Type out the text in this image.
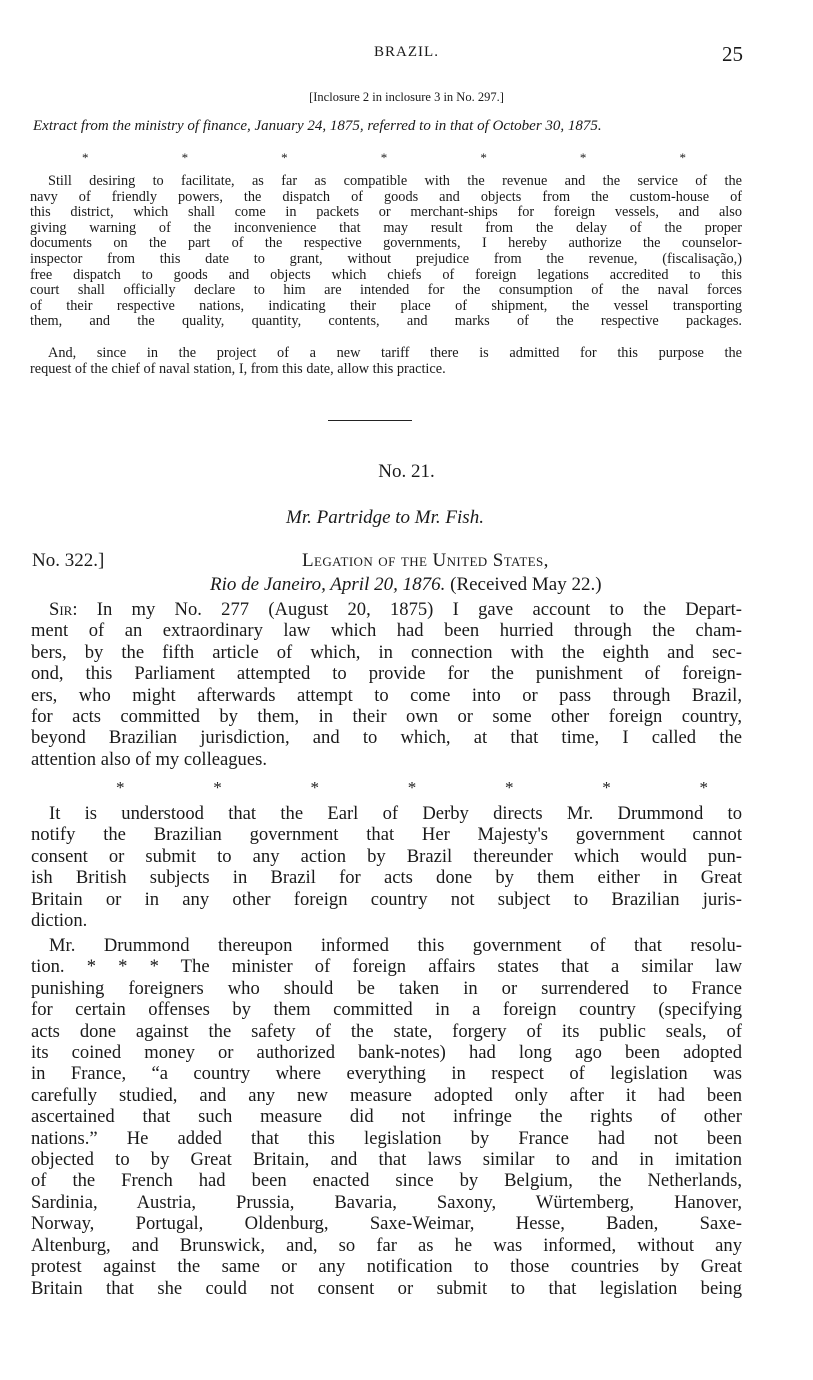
BRAZIL.	25
[Inclosure 2 in inclosure 3 in No. 297.]
Extract from the ministry of finance, January 24, 1875, referred to in that of October 30, 1875.
*	*	*	*	*	*	*
Still desiring to facilitate, as far as compatible with the revenue and the service of the
navy of friendly powers, the dispatch of goods and objects from the custom-house of
this district, which shall come in packets or merchant-ships for foreign vessels, and also
giving warning of the inconvenience that may result from the delay of the proper
documents on the part of the respective governments, I hereby authorize the counselor-
inspector from this date to grant, without prejudice from the revenue, (fiscalisação,)
free dispatch to goods and objects which chiefs of foreign legations accredited to this
court shall officially declare to him are intended for the consumption of the naval forces
of their respective nations, indicating their place of shipment, the vessel transporting
them, and the quality, quantity, contents, and marks of the respective packages.
And, since in the project of a new tariff there is admitted for this purpose the
request of the chief of naval station, I, from this date, allow this practice.
No. 21.
Mr. Partridge to Mr. Fish.
No. 322.]	Legation of the United States,
Rio de Janeiro, April 20, 1876. (Received May 22.)
Sir: In my No. 277 (August 20, 1875) I gave account to the Depart-
ment of an extraordinary law which had been hurried through the cham-
bers, by the fifth article of which, in connection with the eighth and sec-
ond, this Parliament attempted to provide for the punishment of foreign-
ers, who might afterwards attempt to come into or pass through Brazil,
for acts committed by them, in their own or some other foreign country,
beyond Brazilian jurisdiction, and to which, at that time, I called the
attention also of my colleagues.
*	*	*	*	*	*	*
It is understood that the Earl of Derby directs Mr. Drummond to
notify the Brazilian government that Her Majesty's government cannot
consent or submit to any action by Brazil thereunder which would pun-
ish British subjects in Brazil for acts done by them either in Great
Britain or in any other foreign country not subject to Brazilian juris-
diction.
Mr. Drummond thereupon informed this government of that resolu-
tion. * * * The minister of foreign affairs states that a similar law
punishing foreigners who should be taken in or surrendered to France
for certain offenses by them committed in a foreign country (specifying
acts done against the safety of the state, forgery of its public seals, of
its coined money or authorized bank-notes) had long ago been adopted
in France, “a country where everything in respect of legislation was
carefully studied, and any new measure adopted only after it had been
ascertained that such measure did not infringe the rights of other
nations.” He added that this legislation by France had not been
objected to by Great Britain, and that laws similar to and in imitation
of the French had been enacted since by Belgium, the Netherlands,
Sardinia, Austria, Prussia, Bavaria, Saxony, Würtemberg, Hanover,
Norway, Portugal, Oldenburg, Saxe-Weimar, Hesse, Baden, Saxe-
Altenburg, and Brunswick, and, so far as he was informed, without any
protest against the same or any notification to those countries by Great
Britain that she could not consent or submit to that legislation being
